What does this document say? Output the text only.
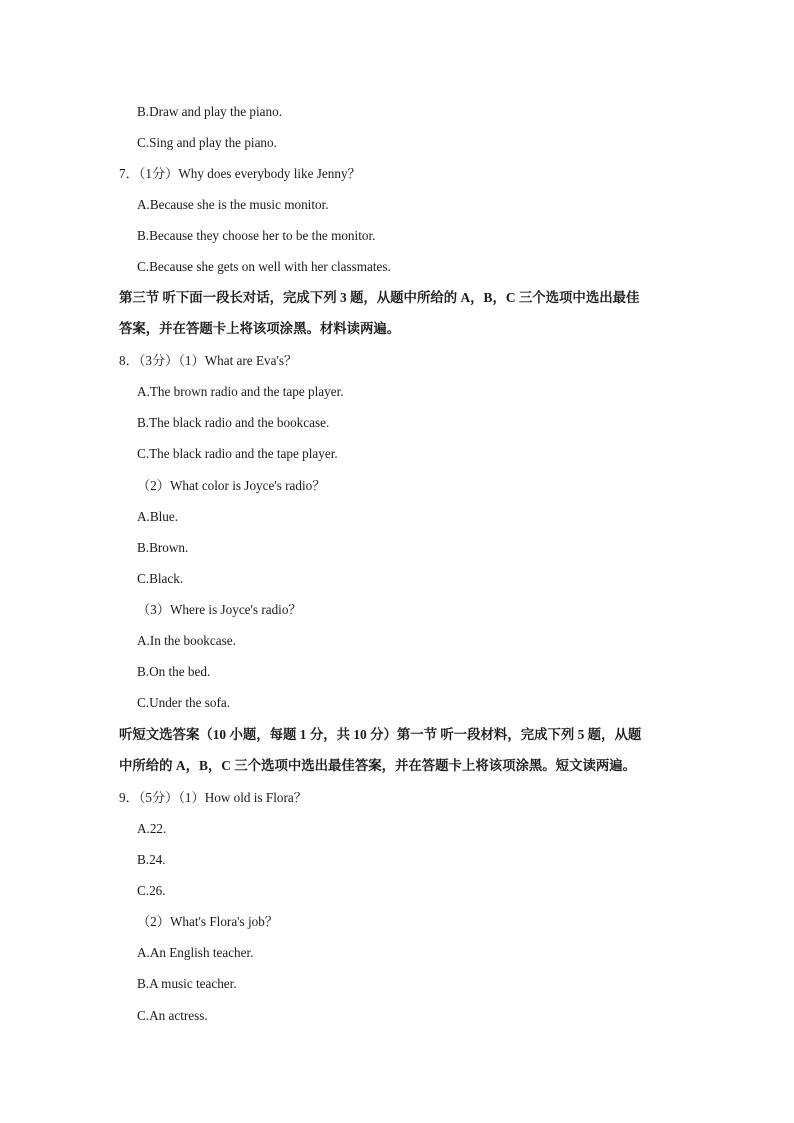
B.Draw and play the piano.
C.Sing and play the piano.
7．（1分）Why does everybody like Jenny？
A.Because she is the music monitor.
B.Because they choose her to be the monitor.
C.Because she gets on well with her classmates.
第三节 听下面一段长对话，完成下列 3 题，从题中所给的 A，B，C 三个选项中选出最佳
答案，并在答题卡上将该项涂黑。材料读两遍。
8．（3分）（1）What are Eva's？
A.The brown radio and the tape player.
B.The black radio and the bookcase.
C.The black radio and the tape player.
（2）What color is Joyce's radio？
A.Blue.
B.Brown.
C.Black.
（3）Where is Joyce's radio？
A.In the bookcase.
B.On the bed.
C.Under the sofa.
听短文选答案（10 小题，每题 1 分，共 10 分）第一节 听一段材料，完成下列 5 题，从题
中所给的 A，B，C 三个选项中选出最佳答案，并在答题卡上将该项涂黑。短文读两遍。
9．（5分）（1）How old is Flora？
A.22.
B.24.
C.26.
（2）What's Flora's job？
A.An English teacher.
B.A music teacher.
C.An actress.
